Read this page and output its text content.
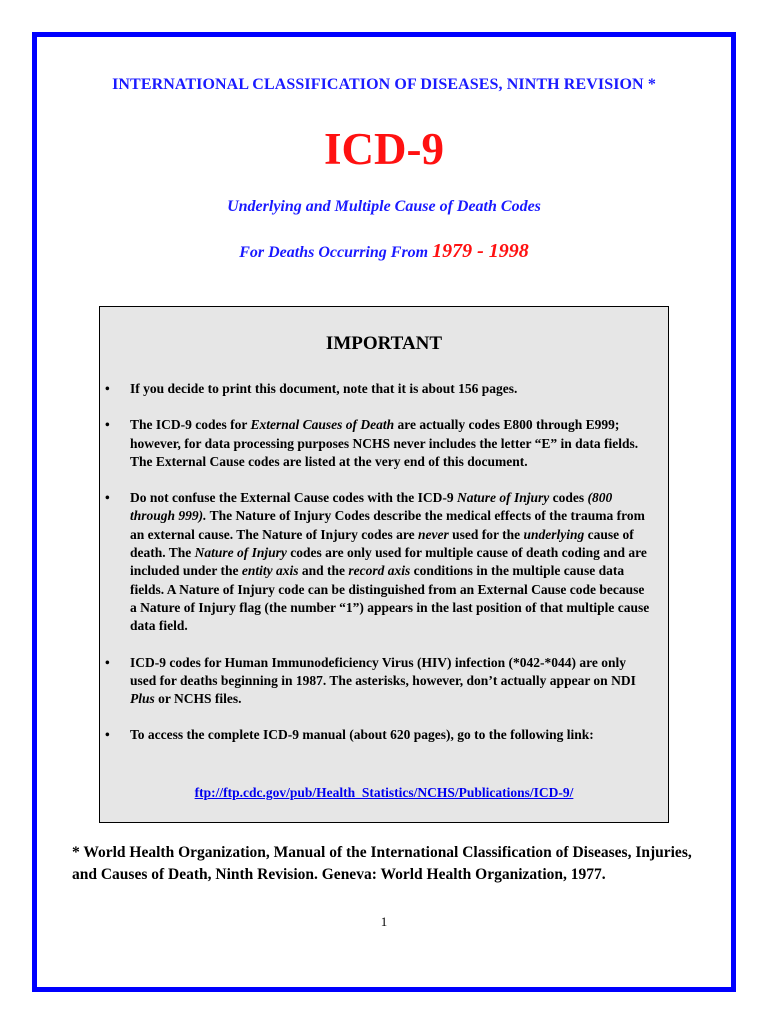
INTERNATIONAL CLASSIFICATION OF DISEASES, NINTH REVISION *
ICD-9
Underlying and Multiple Cause of Death Codes
For Deaths Occurring From 1979 - 1998
IMPORTANT
• If you decide to print this document, note that it is about 156 pages.
• The ICD-9 codes for External Causes of Death are actually codes E800 through E999; however, for data processing purposes NCHS never includes the letter “E” in data fields. The External Cause codes are listed at the very end of this document.
• Do not confuse the External Cause codes with the ICD-9 Nature of Injury codes (800 through 999). The Nature of Injury Codes describe the medical effects of the trauma from an external cause. The Nature of Injury codes are never used for the underlying cause of death. The Nature of Injury codes are only used for multiple cause of death coding and are included under the entity axis and the record axis conditions in the multiple cause data fields. A Nature of Injury code can be distinguished from an External Cause code because a Nature of Injury flag (the number “1”) appears in the last position of that multiple cause data field.
• ICD-9 codes for Human Immunodeficiency Virus (HIV) infection (*042-*044) are only used for deaths beginning in 1987. The asterisks, however, don’t actually appear on NDI Plus or NCHS files.
• To access the complete ICD-9 manual (about 620 pages), go to the following link:
ftp://ftp.cdc.gov/pub/Health_Statistics/NCHS/Publications/ICD-9/
* World Health Organization, Manual of the International Classification of Diseases, Injuries, and Causes of Death, Ninth Revision. Geneva: World Health Organization, 1977.
1
